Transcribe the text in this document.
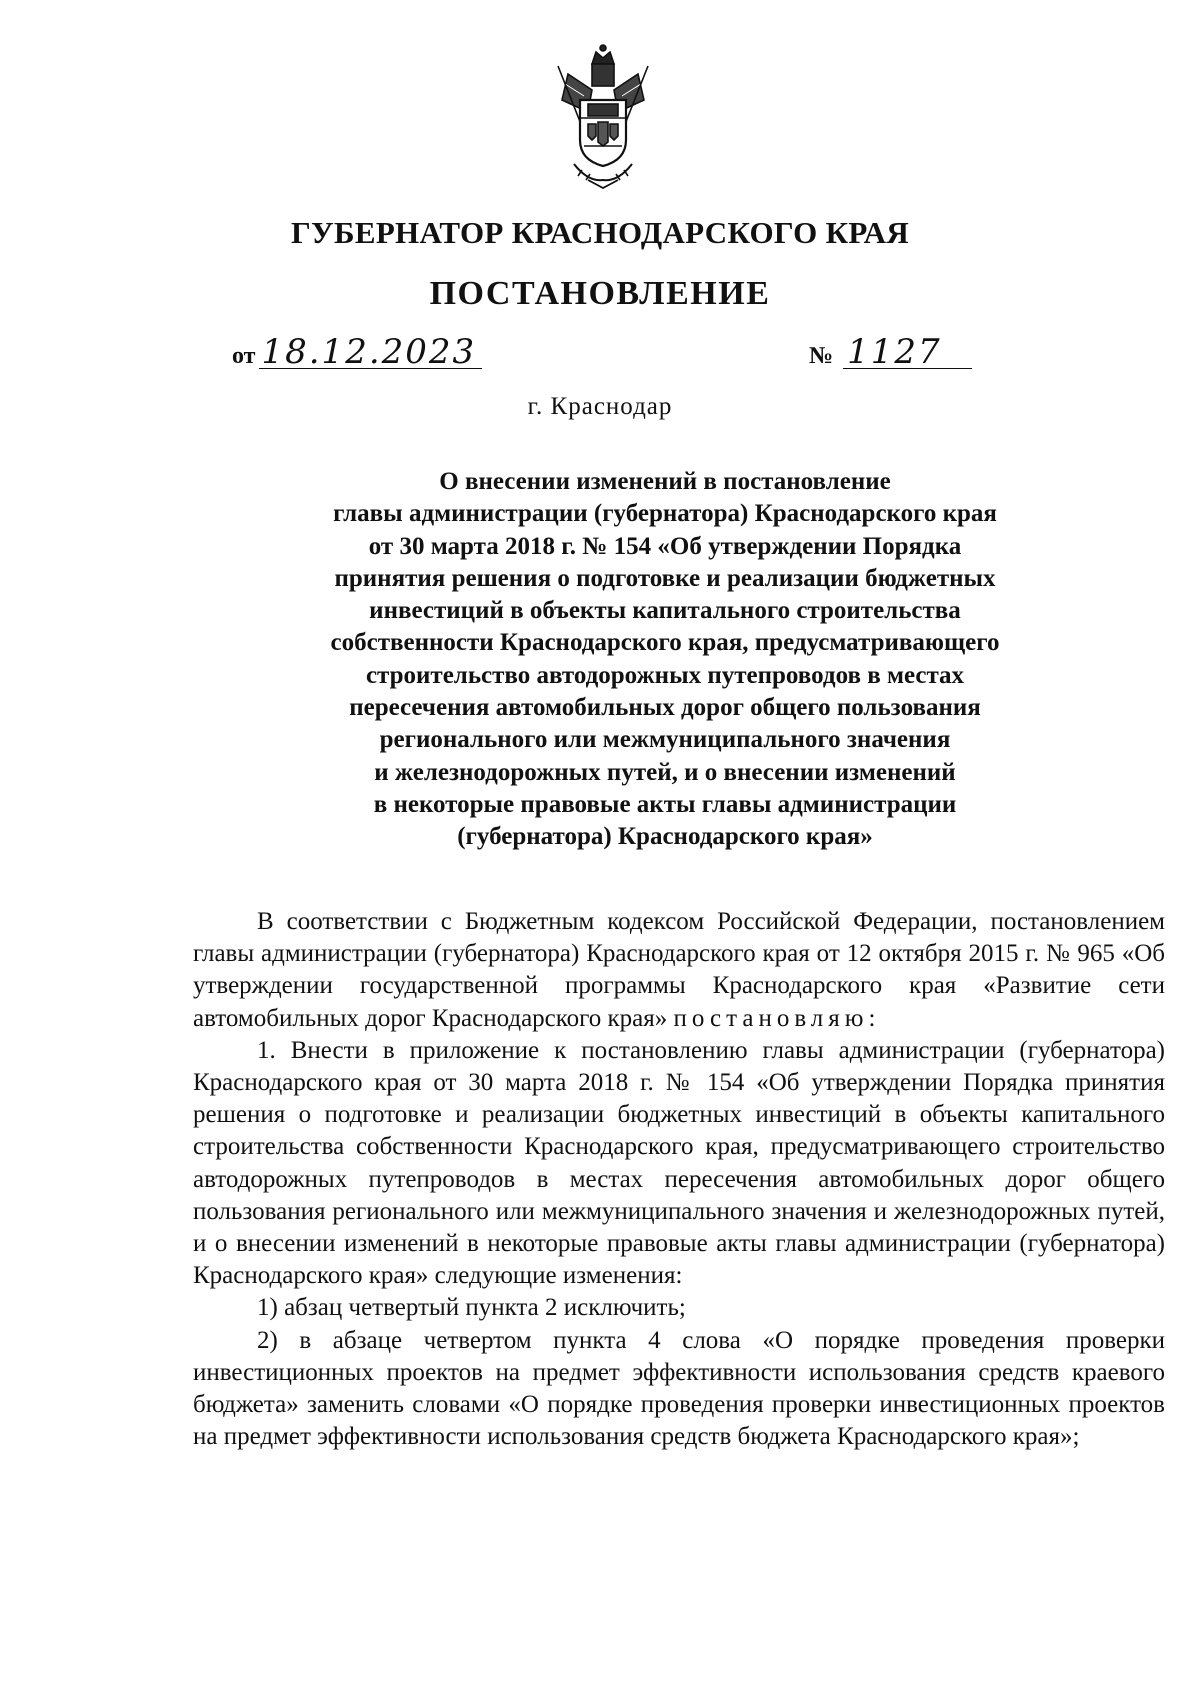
ГУБЕРНАТОР КРАСНОДАРСКОГО КРАЯ
ПОСТАНОВЛЕНИЕ
от 18.12.2023	№ 1127
г. Краснодар
О внесении изменений в постановление
главы администрации (губернатора) Краснодарского края
от 30 марта 2018 г. № 154 «Об утверждении Порядка
принятия решения о подготовке и реализации бюджетных
инвестиций в объекты капитального строительства
собственности Краснодарского края, предусматривающего
строительство автодорожных путепроводов в местах
пересечения автомобильных дорог общего пользования
регионального или межмуниципального значения
и железнодорожных путей, и о внесении изменений
в некоторые правовые акты главы администрации
(губернатора) Краснодарского края»

В соответствии с Бюджетным кодексом Российской Федерации, постановлением главы администрации (губернатора) Краснодарского края от 12 октября 2015 г. № 965 «Об утверждении государственной программы Краснодарского края «Развитие сети автомобильных дорог Краснодарского края» постановляю:

1. Внести в приложение к постановлению главы администрации (губернатора) Краснодарского края от 30 марта 2018 г. № 154 «Об утверждении Порядка принятия решения о подготовке и реализации бюджетных инвестиций в объекты капитального строительства собственности Краснодарского края, предусматривающего строительство автодорожных путепроводов в местах пересечения автомобильных дорог общего пользования регионального или межмуниципального значения и железнодорожных путей, и о внесении изменений в некоторые правовые акты главы администрации (губернатора) Краснодарского края» следующие изменения:

1) абзац четвертый пункта 2 исключить;

2) в абзаце четвертом пункта 4 слова «О порядке проведения проверки инвестиционных проектов на предмет эффективности использования средств краевого бюджета» заменить словами «О порядке проведения проверки инвестиционных проектов на предмет эффективности использования средств бюджета Краснодарского края»;
